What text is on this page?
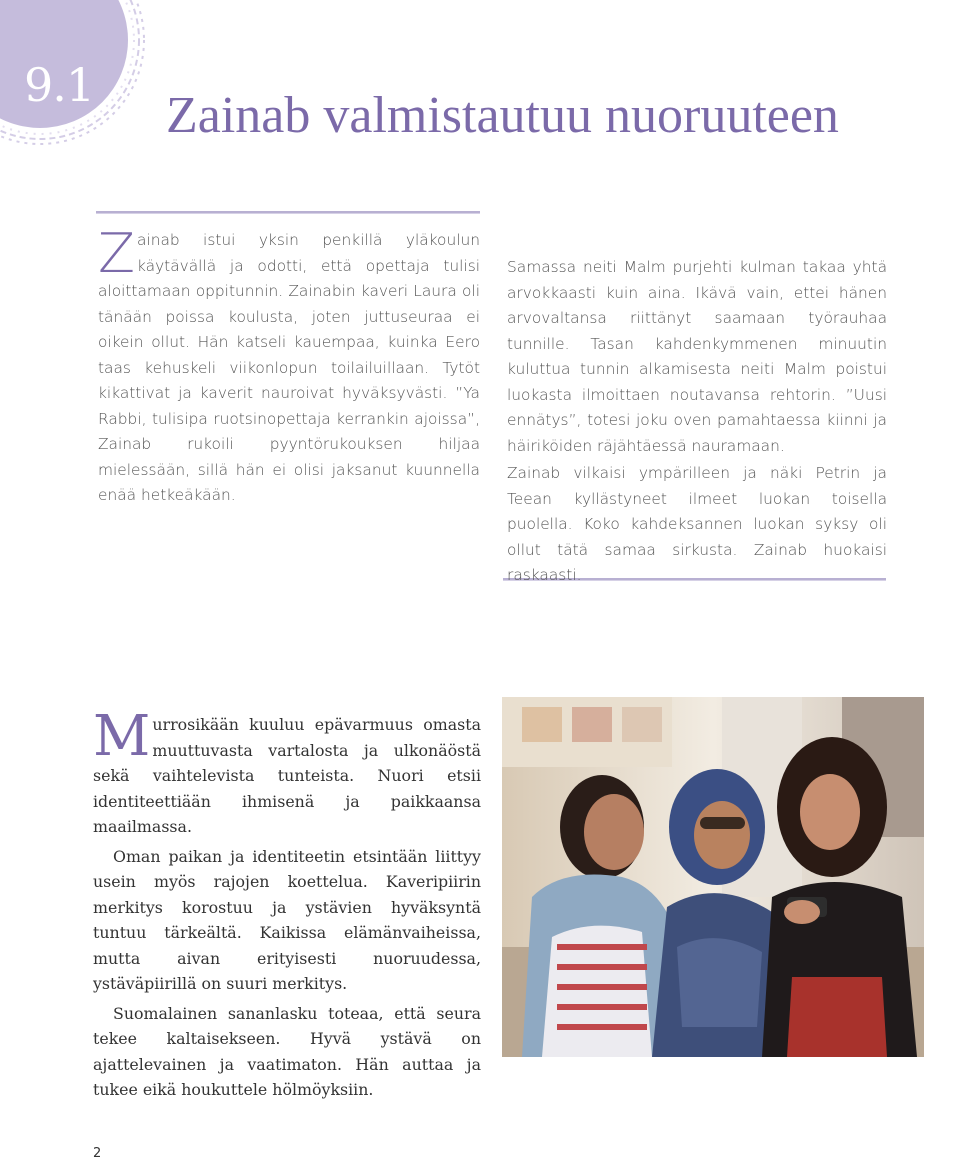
9.1
Zainab valmistautuu nuoruuteen

Zainab istui yksin penkillä yläkoulun käytävällä ja odotti, että opettaja tulisi aloittamaan oppitunnin. Zainabin kaveri Laura oli tänään poissa koulusta, joten juttuseuraa ei oikein ollut. Hän katseli kauempaa, kuinka Eero taas kehuskeli viikonlopun toilailuillaan. Tytöt kikattivat ja kaverit nauroivat hyväksyvästi. ”Ya Rabbi, tulisipa ruotsinopettaja kerrankin ajoissa”, Zainab rukoili pyyntörukouksen hiljaa mielessään, sillä hän ei olisi jaksanut kuunnella enää hetkeäkään.

Samassa neiti Malm purjehti kulman takaa yhtä arvokkaasti kuin aina. Ikävä vain, ettei hänen arvovaltansa riittänyt saamaan työrauhaa tunnille. Tasan kahdenkymmenen minuutin kuluttua tunnin alkamisesta neiti Malm poistui luokasta ilmoittaen noutavansa rehtorin. ”Uusi ennätys”, totesi joku oven pamahtaessa kiinni ja häiriköiden räjähtäessä nauramaan.

Zainab vilkaisi ympärilleen ja näki Petrin ja Teean kyllästyneet ilmeet luokan toisella puolella. Koko kahdeksannen luokan syksy oli ollut tätä samaa sirkusta. Zainab huokaisi raskaasti.

Murrosikään kuuluu epävarmuus omasta muuttuvasta vartalosta ja ulkonäöstä sekä vaihtelevista tunteista. Nuori etsii identiteettiään ihmisenä ja paikkaansa maailmassa.

Oman paikan ja identiteetin etsintään liittyy usein myös rajojen koettelua. Kaveripiirin merkitys korostuu ja ystävien hyväksyntä tuntuu tärkeältä. Kaikissa elämänvaiheissa, mutta aivan erityisesti nuoruudessa, ystäväpiirillä on suuri merkitys.

Suomalainen sananlasku toteaa, että seura tekee kaltaisekseen. Hyvä ystävä on ajattelevainen ja vaatimaton. Hän auttaa ja tukee eikä houkuttele hölmöyksiin.

2
